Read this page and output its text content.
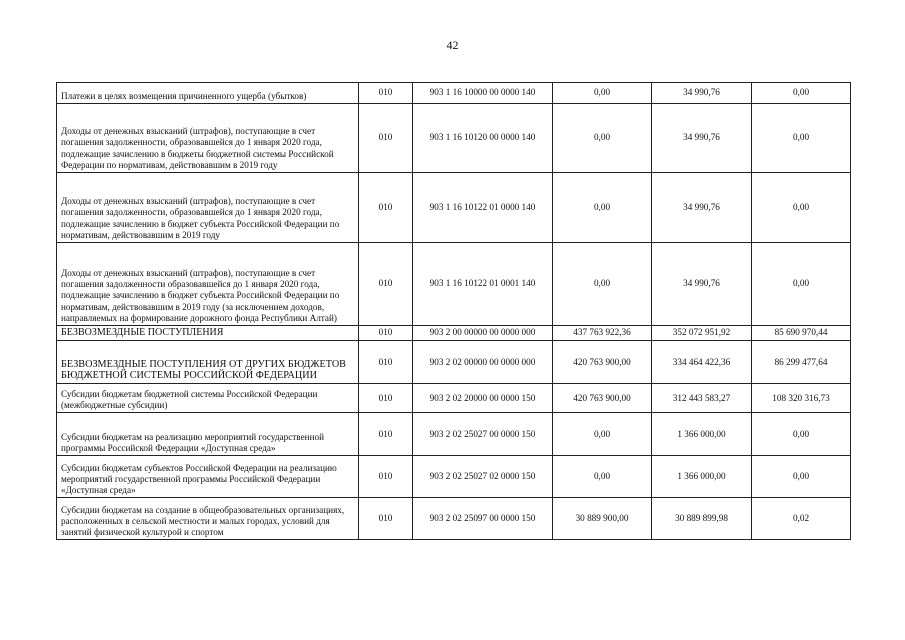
42
Платежи в целях возмещения причиненного ущерба (убытков)	010	903 1 16 10000 00 0000 140	0,00	34 990,76	0,00
Доходы от денежных взысканий (штрафов), поступающие в счет погашения задолженности, образовавшейся до 1 января 2020 года, подлежащие зачислению в бюджеты бюджетной системы Российской Федерации по нормативам, действовавшим в 2019 году	010	903 1 16 10120 00 0000 140	0,00	34 990,76	0,00
Доходы от денежных взысканий (штрафов), поступающие в счет погашения задолженности, образовавшейся до 1 января 2020 года, подлежащие зачислению в бюджет субъекта Российской Федерации по нормативам, действовавшим в 2019 году	010	903 1 16 10122 01 0000 140	0,00	34 990,76	0,00
Доходы от денежных взысканий (штрафов), поступающие в счет погашения задолженности образовавшейся до 1 января 2020 года, подлежащие зачислению в бюджет субъекта Российской Федерации по нормативам, действовавшим в 2019 году (за исключением доходов, направляемых на формирование дорожного фонда Республики Алтай)	010	903 1 16 10122 01 0001 140	0,00	34 990,76	0,00
БЕЗВОЗМЕЗДНЫЕ ПОСТУПЛЕНИЯ	010	903 2 00 00000 00 0000 000	437 763 922,36	352 072 951,92	85 690 970,44
БЕЗВОЗМЕЗДНЫЕ ПОСТУПЛЕНИЯ ОТ ДРУГИХ БЮДЖЕТОВ БЮДЖЕТНОЙ СИСТЕМЫ РОССИЙСКОЙ ФЕДЕРАЦИИ	010	903 2 02 00000 00 0000 000	420 763 900,00	334 464 422,36	86 299 477,64
Субсидии бюджетам бюджетной системы Российской Федерации (межбюджетные субсидии)	010	903 2 02 20000 00 0000 150	420 763 900,00	312 443 583,27	108 320 316,73
Субсидии бюджетам на реализацию мероприятий государственной программы Российской Федерации «Доступная среда»	010	903 2 02 25027 00 0000 150	0,00	1 366 000,00	0,00
Субсидии бюджетам субъектов Российской Федерации на реализацию мероприятий государственной программы Российской Федерации «Доступная среда»	010	903 2 02 25027 02 0000 150	0,00	1 366 000,00	0,00
Субсидии бюджетам на создание в общеобразовательных организациях, расположенных в сельской местности и малых городах, условий для занятий физической культурой и спортом	010	903 2 02 25097 00 0000 150	30 889 900,00	30 889 899,98	0,02
